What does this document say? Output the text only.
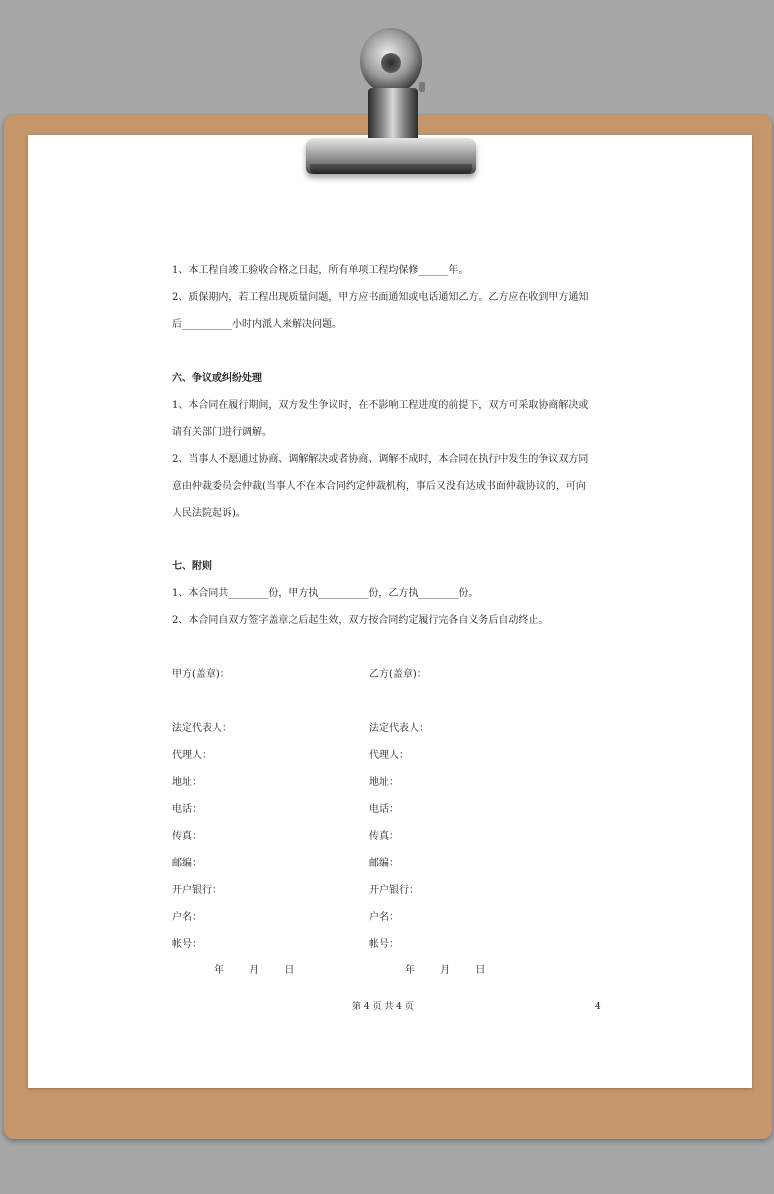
1、本工程自竣工验收合格之日起，所有单项工程均保修______年。
2、质保期内，若工程出现质量问题，甲方应书面通知或电话通知乙方。乙方应在收到甲方通知
后__________小时内派人来解决问题。
六、争议或纠纷处理
1、本合同在履行期间，双方发生争议时，在不影响工程进度的前提下，双方可采取协商解决或
请有关部门进行调解。
2、当事人不愿通过协商、调解解决或者协商、调解不成时，本合同在执行中发生的争议双方同
意由仲裁委员会仲裁(当事人不在本合同约定仲裁机构，事后又没有达成书面仲裁协议的，可向
人民法院起诉)。
七、附则
1、本合同共________份，甲方执__________份，乙方执________份。
2、本合同自双方签字盖章之后起生效，双方按合同约定履行完各自义务后自动终止。
甲方(盖章)：	乙方(盖章)：
法定代表人：	法定代表人：
代理人：	代理人：
地址：	地址：
电话：	电话：
传真：	传真：
邮编：	邮编：
开户银行：	开户银行：
户名：	户名：
帐号：	帐号：
年	月	日	年	月	日
第 4 页 共 4 页	4
